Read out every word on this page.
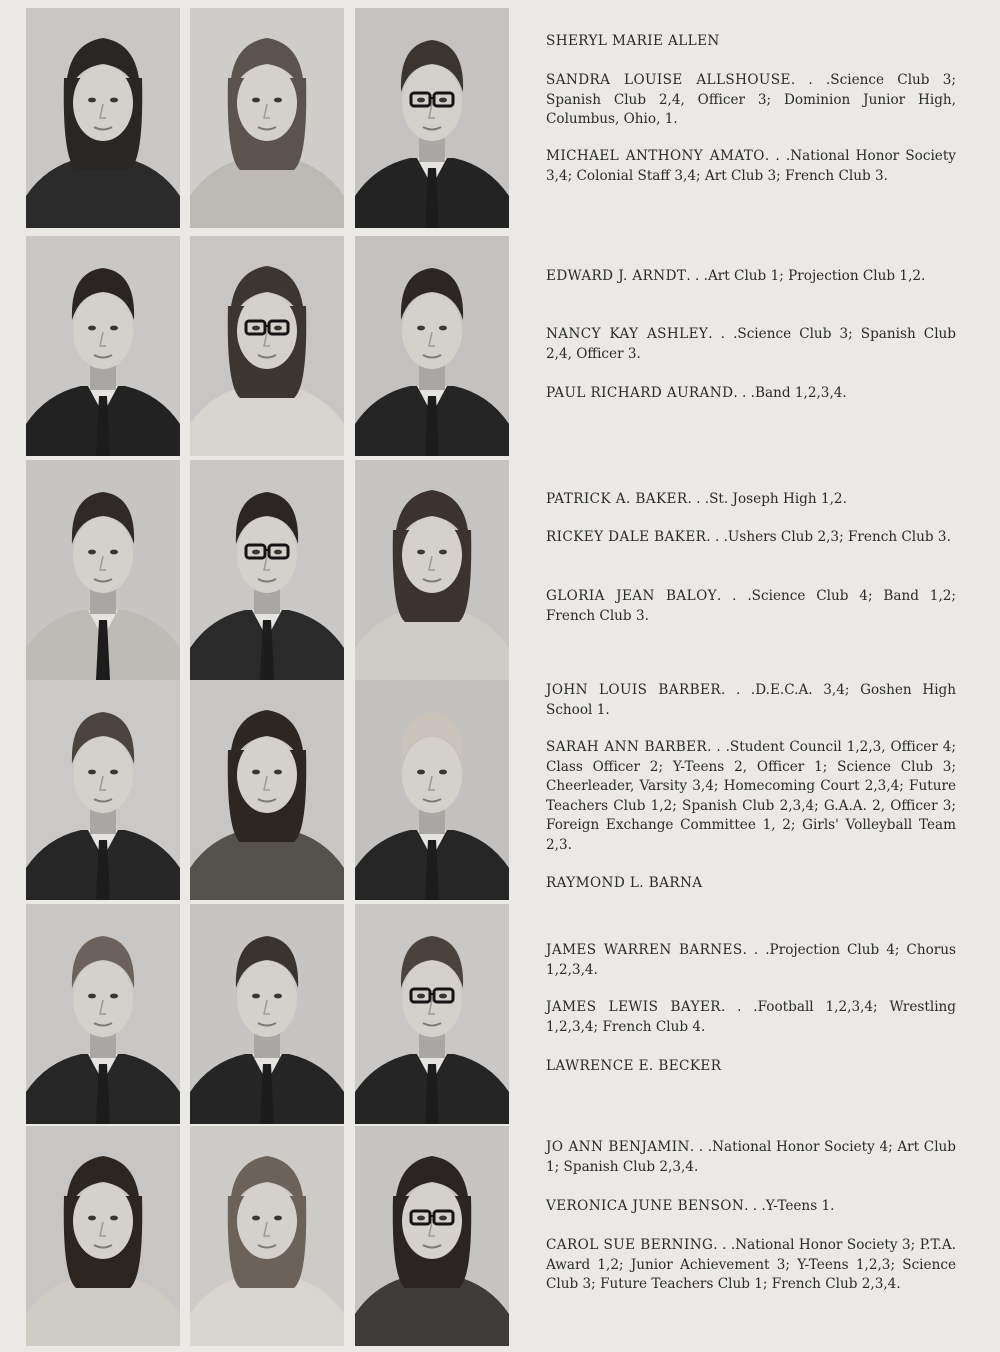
SHERYL MARIE ALLEN
SANDRA LOUISE ALLSHOUSE. . .Science Club 3; Spanish Club 2,4, Officer 3; Dominion Junior High, Columbus, Ohio, 1.
MICHAEL ANTHONY AMATO. . .National Honor Society 3,4; Colonial Staff 3,4; Art Club 3; French Club 3.
EDWARD J. ARNDT. . .Art Club 1; Projection Club 1,2.
NANCY KAY ASHLEY. . .Science Club 3; Spanish Club 2,4, Officer 3.
PAUL RICHARD AURAND. . .Band 1,2,3,4.
PATRICK A. BAKER. . .St. Joseph High 1,2.
RICKEY DALE BAKER. . .Ushers Club 2,3; French Club 3.
GLORIA JEAN BALOY. . .Science Club 4; Band 1,2; French Club 3.
JOHN LOUIS BARBER. . .D.E.C.A. 3,4; Goshen High School 1.
SARAH ANN BARBER. . .Student Council 1,2,3, Officer 4; Class Officer 2; Y-Teens 2, Officer 1; Science Club 3; Cheerleader, Varsity 3,4; Homecoming Court 2,3,4; Future Teachers Club 1,2; Spanish Club 2,3,4; G.A.A. 2, Officer 3; Foreign Exchange Committee 1, 2; Girls' Volleyball Team 2,3.
RAYMOND L. BARNA
JAMES WARREN BARNES. . .Projection Club 4; Chorus 1,2,3,4.
JAMES LEWIS BAYER. . .Football 1,2,3,4; Wrestling 1,2,3,4; French Club 4.
LAWRENCE E. BECKER
JO ANN BENJAMIN. . .National Honor Society 4; Art Club 1; Spanish Club 2,3,4.
VERONICA JUNE BENSON. . .Y-Teens 1.
CAROL SUE BERNING. . .National Honor Society 3; P.T.A. Award 1,2; Junior Achievement 3; Y-Teens 1,2,3; Science Club 3; Future Teachers Club 1; French Club 2,3,4.
